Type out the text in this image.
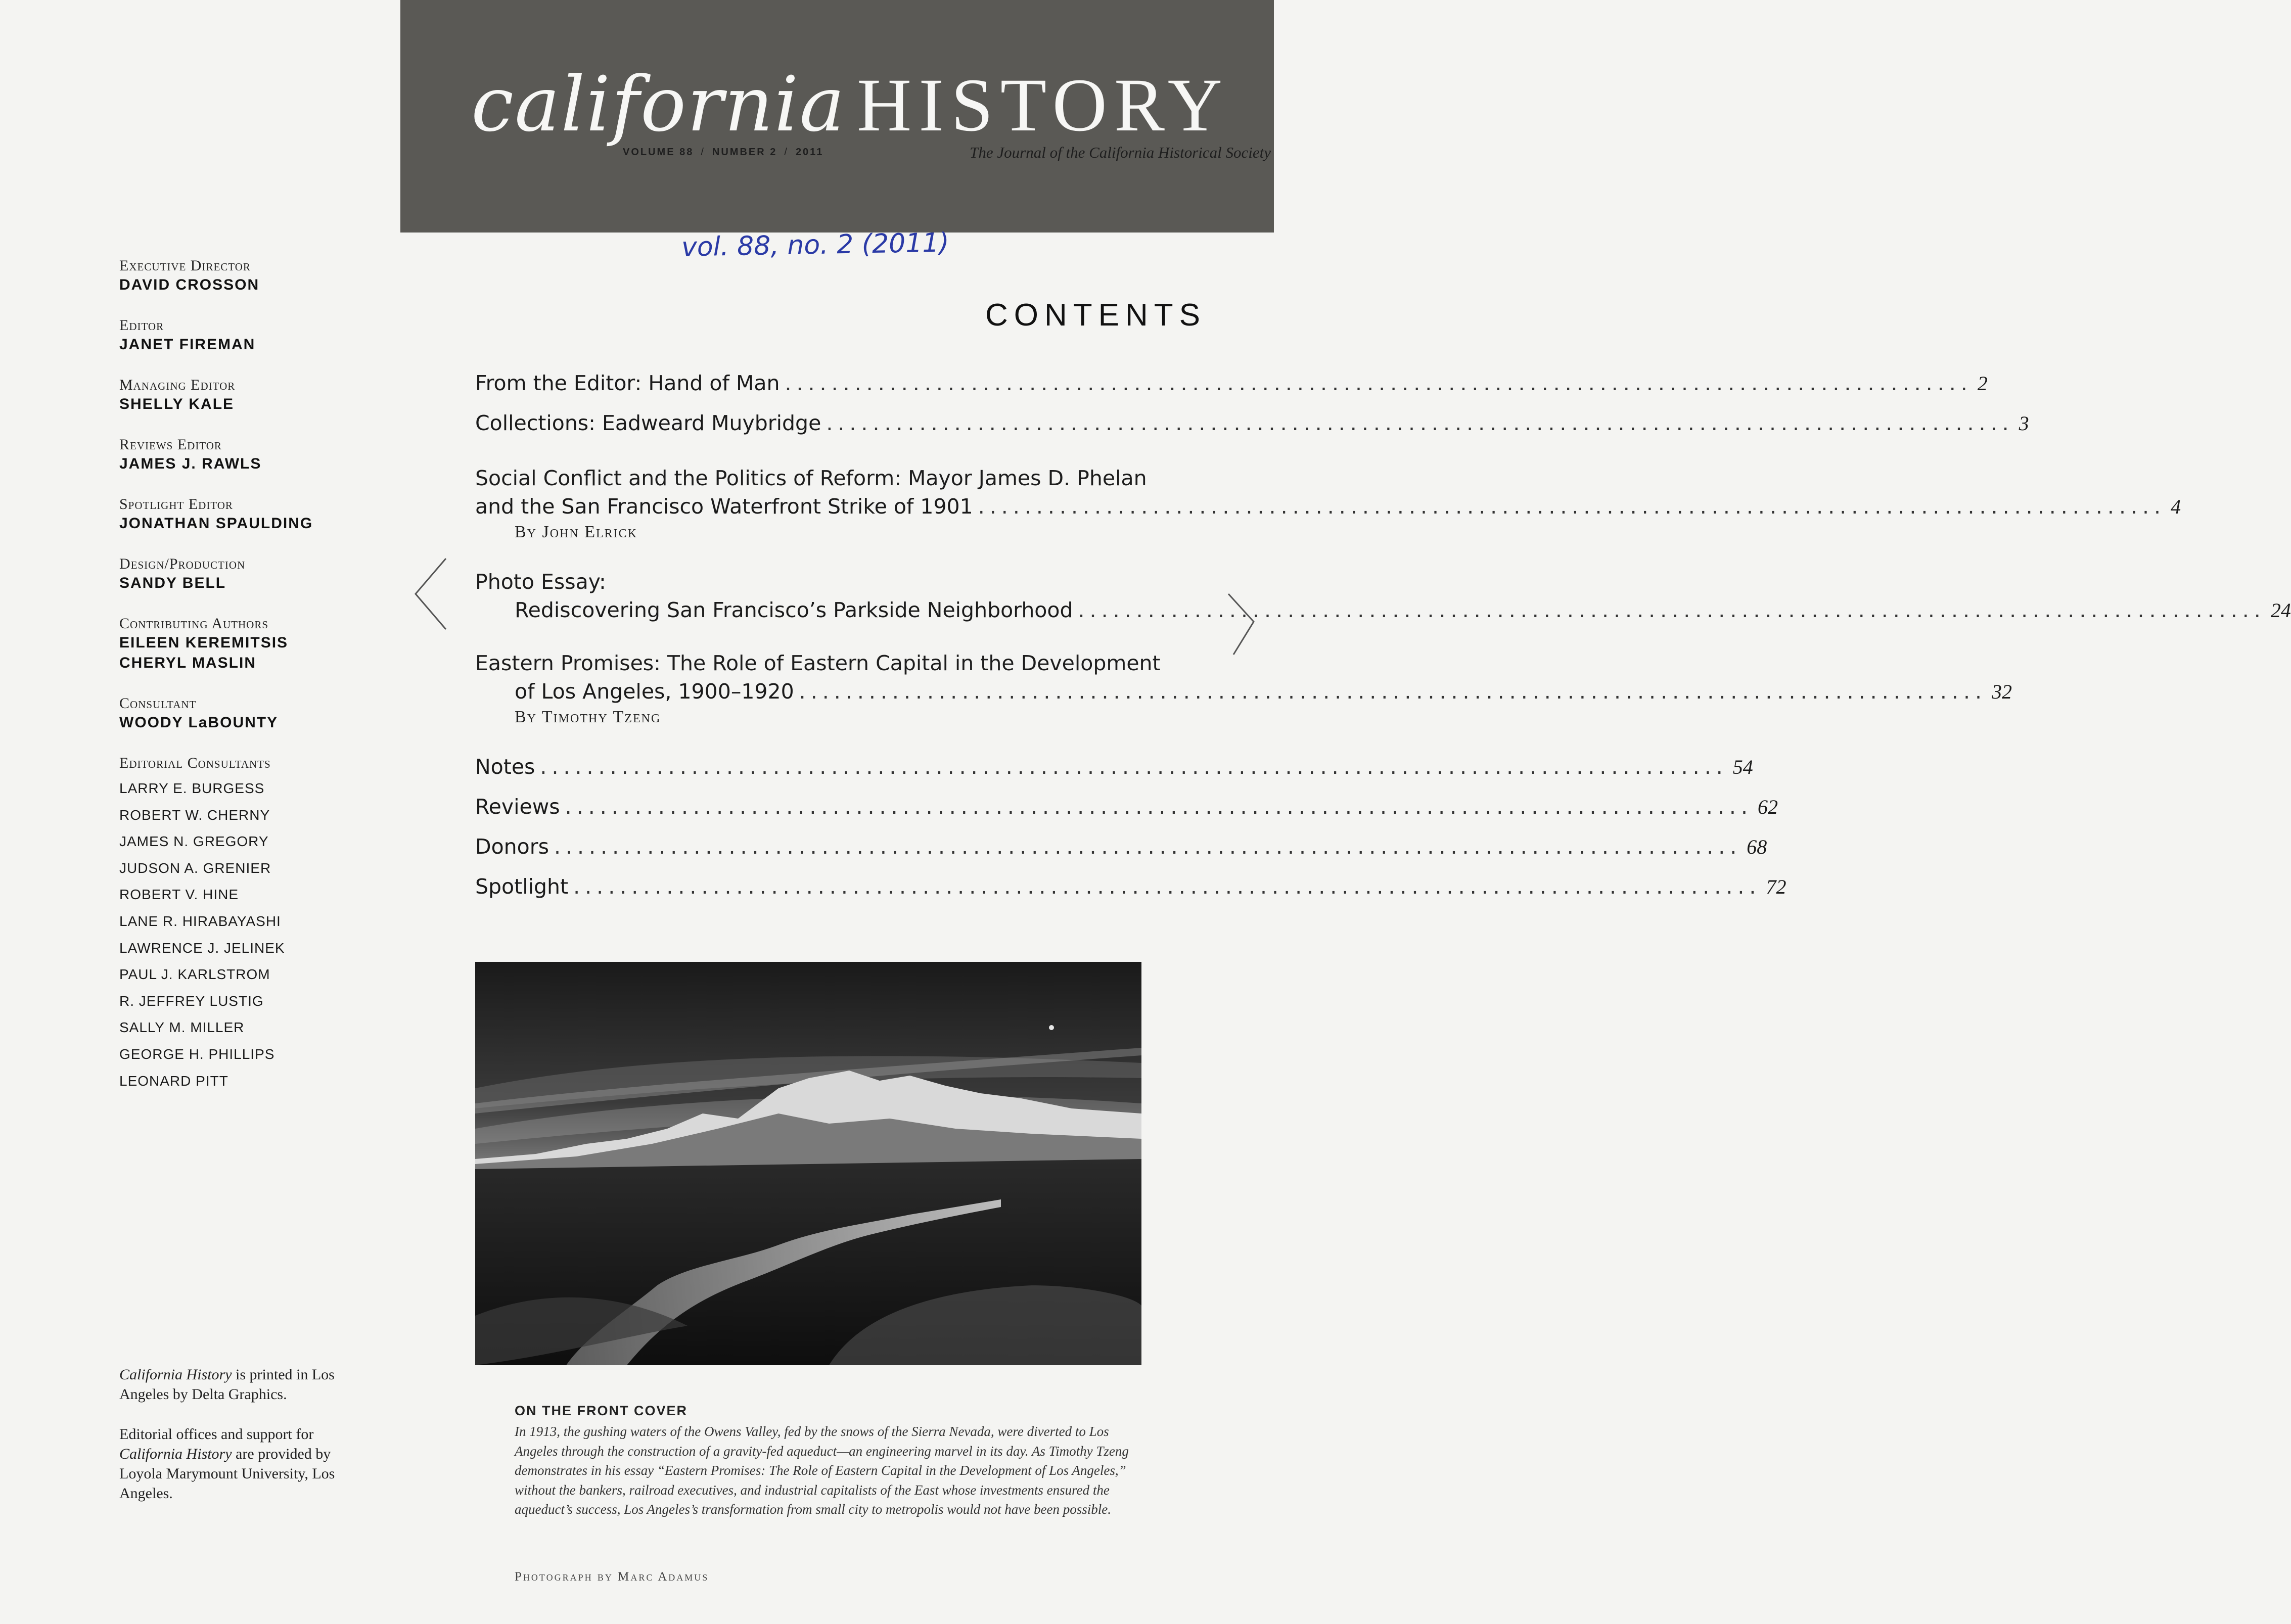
california HISTORY
VOLUME 88 / NUMBER 2 / 2011	The Journal of the California Historical Society
vol. 88, no. 2 (2011)
Executive Director
DAVID CROSSON
Editor
JANET FIREMAN
Managing Editor
SHELLY KALE
Reviews Editor
JAMES J. RAWLS
Spotlight Editor
JONATHAN SPAULDING
Design/Production
SANDY BELL
Contributing Authors
EILEEN KEREMITSIS
CHERYL MASLIN
Consultant
WOODY LaBOUNTY
Editorial Consultants
LARRY E. BURGESS
ROBERT W. CHERNY
JAMES N. GREGORY
JUDSON A. GRENIER
ROBERT V. HINE
LANE R. HIRABAYASHI
LAWRENCE J. JELINEK
PAUL J. KARLSTROM
R. JEFFREY LUSTIG
SALLY M. MILLER
GEORGE H. PHILLIPS
LEONARD PITT
California History is printed in Los Angeles by Delta Graphics.
Editorial offices and support for California History are provided by Loyola Marymount University, Los Angeles.
CONTENTS
From the Editor: Hand of Man ...................................................................................................... 2
Collections: Eadweard Muybridge ...................................................................................................... 3
Social Conflict and the Politics of Reform: Mayor James D. Phelan
and the San Francisco Waterfront Strike of 1901 ...................................................................................................... 4
By John Elrick
Photo Essay:
Rediscovering San Francisco’s Parkside Neighborhood ...................................................................................................... 24
Eastern Promises: The Role of Eastern Capital in the Development
of Los Angeles, 1900–1920 ...................................................................................................... 32
By Timothy Tzeng
Notes ...................................................................................................... 54
Reviews ...................................................................................................... 62
Donors ...................................................................................................... 68
Spotlight ...................................................................................................... 72
ON THE FRONT COVER
In 1913, the gushing waters of the Owens Valley, fed by the snows of the Sierra Nevada, were diverted to Los Angeles through the construction of a gravity-fed aqueduct—an engineering marvel in its day. As Timothy Tzeng demonstrates in his essay “Eastern Promises: The Role of Eastern Capital in the Development of Los Angeles,” without the bankers, railroad executives, and industrial capitalists of the East whose investments ensured the aqueduct’s success, Los Angeles’s transformation from small city to metropolis would not have been possible.
Photograph by Marc Adamus
